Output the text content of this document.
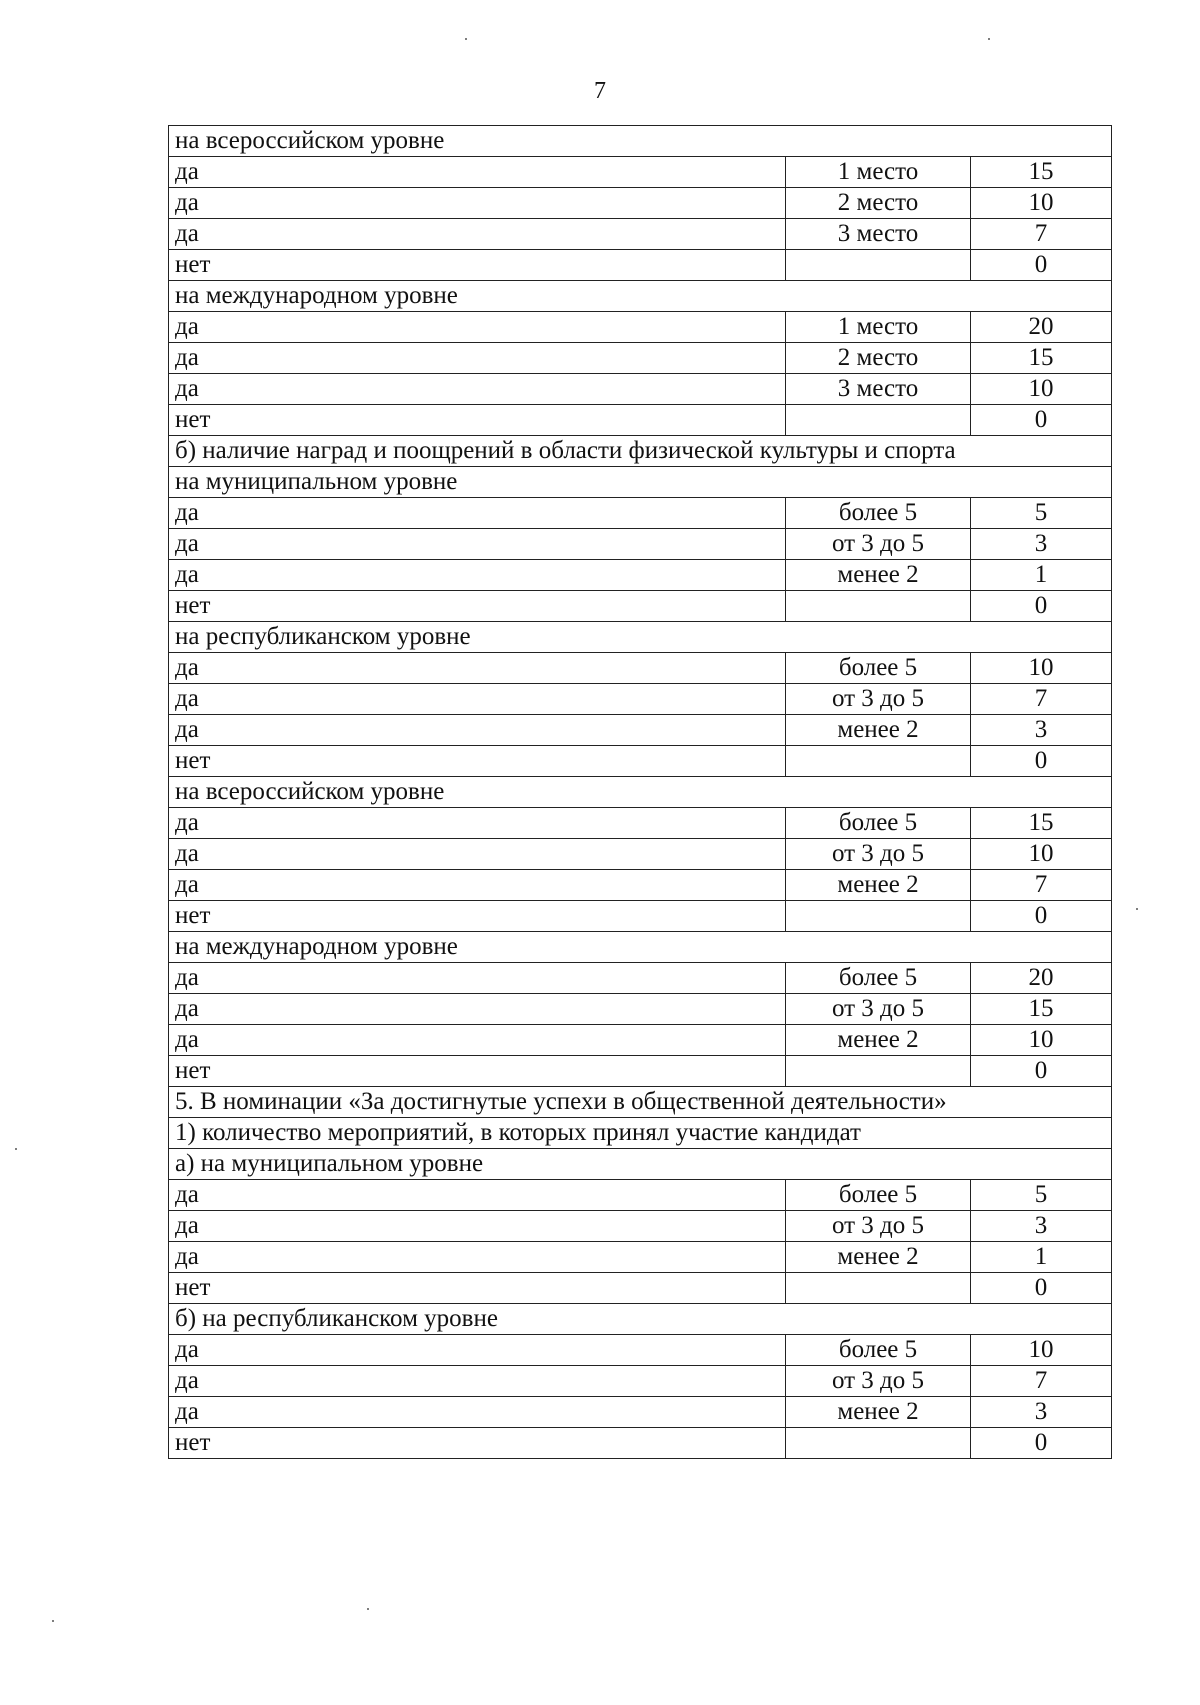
7
на всероссийском уровне		
да	1 место	15
да	2 место	10
да	3 место	7
нет		0
на международном уровне		
да	1 место	20
да	2 место	15
да	3 место	10
нет		0
б) наличие наград и поощрений в области физической культуры и спорта		
на муниципальном уровне		
да	более 5	5
да	от 3 до 5	3
да	менее 2	1
нет		0
на республиканском уровне		
да	более 5	10
да	от 3 до 5	7
да	менее 2	3
нет		0
на всероссийском уровне		
да	более 5	15
да	от 3 до 5	10
да	менее 2	7
нет		0
на международном уровне		
да	более 5	20
да	от 3 до 5	15
да	менее 2	10
нет		0
5. В номинации «За достигнутые успехи в общественной деятельности»		
1) количество мероприятий, в которых принял участие кандидат		
а) на муниципальном уровне		
да	более 5	5
да	от 3 до 5	3
да	менее 2	1
нет		0
б) на республиканском уровне		
да	более 5	10
да	от 3 до 5	7
да	менее 2	3
нет		0
